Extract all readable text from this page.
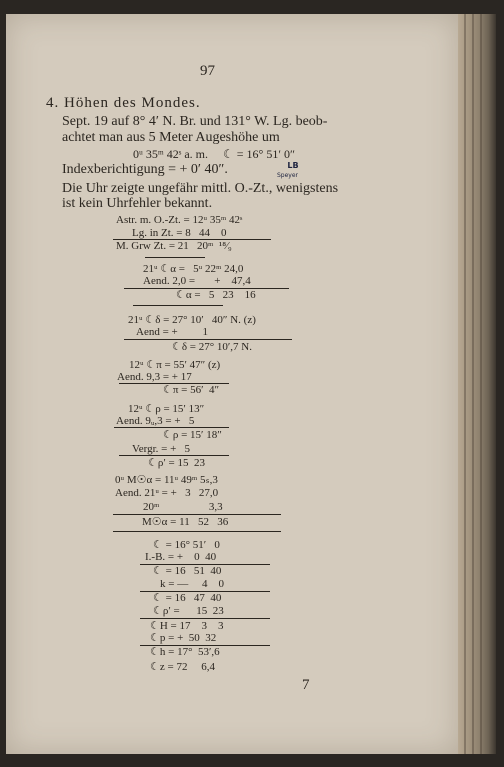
97
4. Höhen des Mondes.
Sept. 19 auf 8° 4′ N. Br. und 131° W. Lg. beob-
achtet man aus 5 Meter Augeshöhe um
0ᵘ 35ᵐ 42ˢ a. m.     ☾ = 16° 51′ 0″
Indexberichtigung = + 0′ 40″.	LB
Speyer
Die Uhr zeigte ungefähr mittl. O.-Zt., wenigstens
ist kein Uhrfehler bekannt.
Astr. m. O.-Zt. = 12ᵘ 35ᵐ 42ˢ
Lg. in Zt. = 8   44    0
M. Grw Zt. = 21   20ᵐ  ¹⁸⁄₉
21ᵘ ☾α =   5ᵘ 22ᵐ 24,0
Aend. 2,0 =       +    47,4
☾α =   5   23    16
21ᵘ ☾δ = 27° 10′   40″ N. (z)
Aend = +         1
☾δ = 27° 10′,7 N.
12ᵘ ☾π = 55′ 47″ (z)
Aend. 9,3 = + 17
☾π = 56′  4″
12ᵘ ☾ρ = 15′ 13″
Aend. 9ᵤ,3 = +   5
☾ρ = 15′ 18″
Vergr. = +   5
☾ρ′ = 15  23
0ᵘ M☉α = 11ᵘ 49ᵐ 5ₛ,3
Aend. 21ᵘ = +   3   27,0
20ᵐ                  3,3
M☉α = 11   52   36
☾ = 16° 51′   0
I.-B. = +    0  40
☾ = 16   51  40
k = —     4    0
☾ = 16   47  40
☾ρ′ =      15  23
☾H = 17    3    3
☾p = +  50  32
☾h = 17°  53′,6
☾z = 72     6,4
7
